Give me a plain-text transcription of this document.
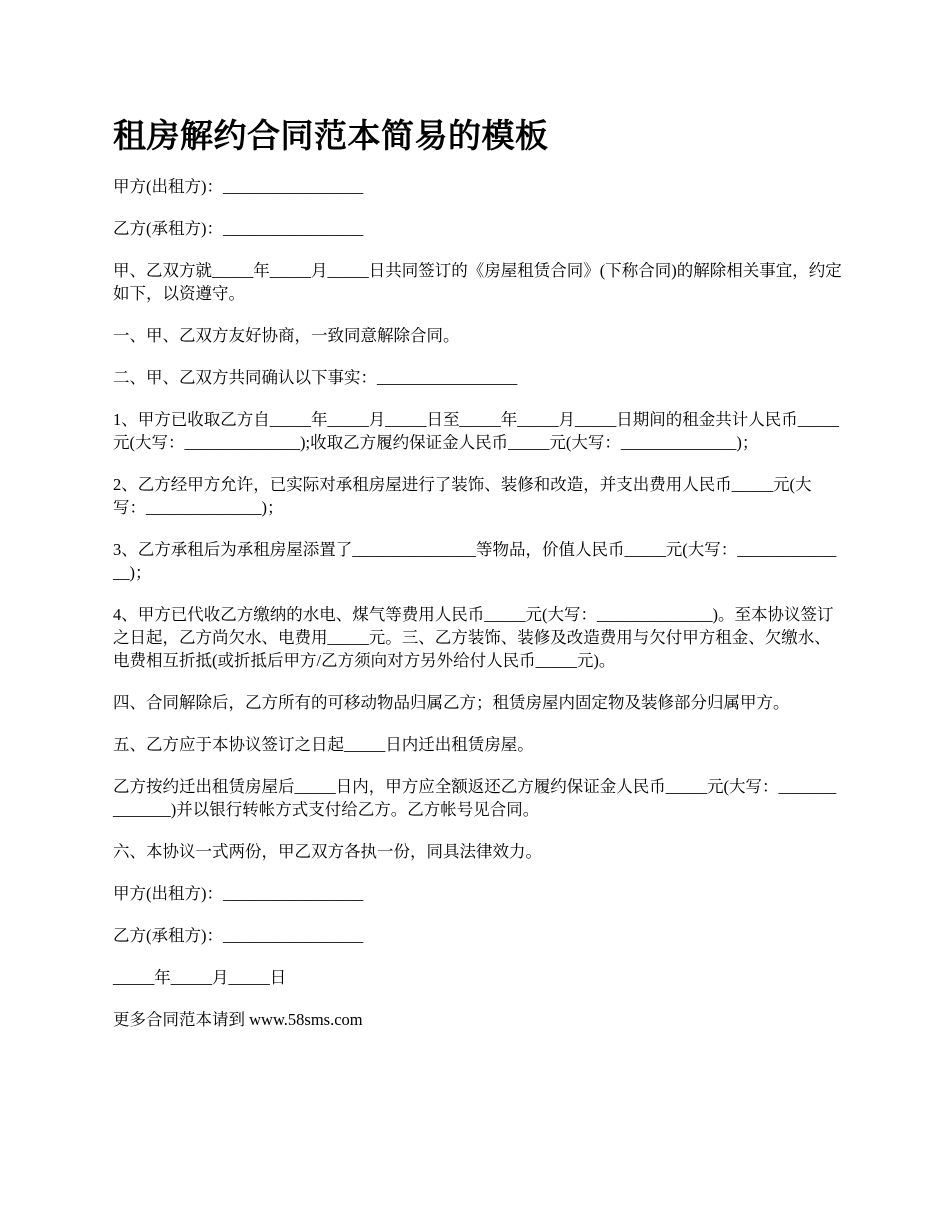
租房解约合同范本简易的模板

甲方(出租方)：_________________

乙方(承租方)：_________________

甲、乙双方就_____年_____月_____日共同签订的《房屋租赁合同》(下称合同)的解除相关事宜，约定如下，以资遵守。

一、甲、乙双方友好协商，一致同意解除合同。

二、甲、乙双方共同确认以下事实：_________________

1、甲方已收取乙方自_____年_____月_____日至_____年_____月_____日期间的租金共计人民币_____元(大写：______________);收取乙方履约保证金人民币_____元(大写：______________)；

2、乙方经甲方允许，已实际对承租房屋进行了装饰、装修和改造，并支出费用人民币_____元(大写：______________)；

3、乙方承租后为承租房屋添置了_______________等物品，价值人民币_____元(大写：______________)；

4、甲方已代收乙方缴纳的水电、煤气等费用人民币_____元(大写：______________)。至本协议签订之日起，乙方尚欠水、电费用_____元。三、乙方装饰、装修及改造费用与欠付甲方租金、欠缴水、电费相互折抵(或折抵后甲方/乙方须向对方另外给付人民币_____元)。

四、合同解除后，乙方所有的可移动物品归属乙方；租赁房屋内固定物及装修部分归属甲方。

五、乙方应于本协议签订之日起_____日内迁出租赁房屋。

乙方按约迁出租赁房屋后_____日内，甲方应全额返还乙方履约保证金人民币_____元(大写：______________)并以银行转帐方式支付给乙方。乙方帐号见合同。

六、本协议一式两份，甲乙双方各执一份，同具法律效力。

甲方(出租方)：_________________

乙方(承租方)：_________________

_____年_____月_____日

更多合同范本请到 www.58sms.com
